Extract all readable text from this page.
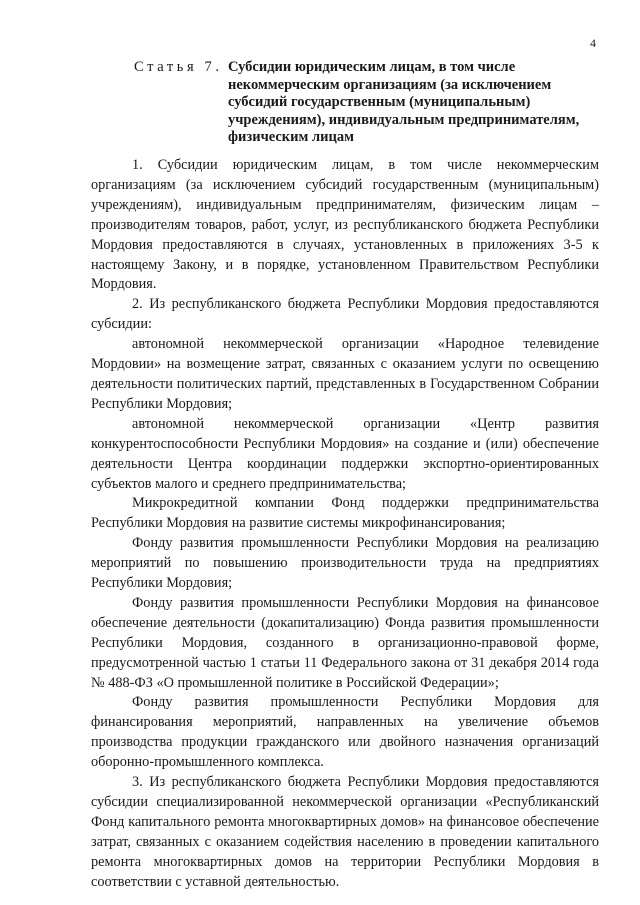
4
Статья 7. Субсидии юридическим лицам, в том числе некоммерческим организациям (за исключением субсидий государственным (муниципальным) учреждениям), индивидуальным предпринимателям, физическим лицам

1. Субсидии юридическим лицам, в том числе некоммерческим организациям (за исключением субсидий государственным (муниципальным) учреждениям), индивидуальным предпринимателям, физическим лицам – производителям товаров, работ, услуг, из республиканского бюджета Республики Мордовия предоставляются в случаях, установленных в приложениях 3-5 к настоящему Закону, и в порядке, установленном Правительством Республики Мордовия.

2. Из республиканского бюджета Республики Мордовия предоставляются субсидии:

автономной некоммерческой организации «Народное телевидение Мордовии» на возмещение затрат, связанных с оказанием услуги по освещению деятельности политических партий, представленных в Государственном Собрании Республики Мордовия;

автономной некоммерческой организации «Центр развития конкурентоспособности Республики Мордовия» на создание и (или) обеспечение деятельности Центра координации поддержки экспортно-ориентированных субъектов малого и среднего предпринимательства;

Микрокредитной компании Фонд поддержки предпринимательства Республики Мордовия на развитие системы микрофинансирования;

Фонду развития промышленности Республики Мордовия на реализацию мероприятий по повышению производительности труда на предприятиях Республики Мордовия;

Фонду развития промышленности Республики Мордовия на финансовое обеспечение деятельности (докапитализацию) Фонда развития промышленности Республики Мордовия, созданного в организационно-правовой форме, предусмотренной частью 1 статьи 11 Федерального закона от 31 декабря 2014 года № 488-ФЗ «О промышленной политике в Российской Федерации»;

Фонду развития промышленности Республики Мордовия для финансирования мероприятий, направленных на увеличение объемов производства продукции гражданского или двойного назначения организаций оборонно-промышленного комплекса.

3. Из республиканского бюджета Республики Мордовия предоставляются субсидии специализированной некоммерческой организации «Республиканский Фонд капитального ремонта многоквартирных домов» на финансовое обеспечение затрат, связанных с оказанием содействия населению в проведении капитального ремонта многоквартирных домов на территории Республики Мордовия в соответствии с уставной деятельностью.
